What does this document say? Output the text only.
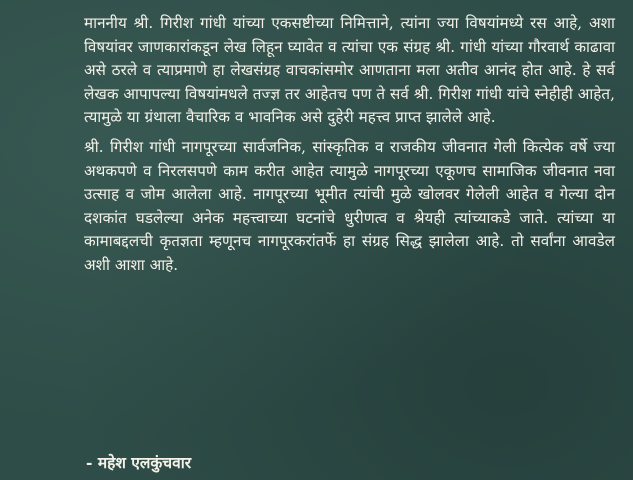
माननीय श्री. गिरीश गांधी यांच्या एकसष्टीच्या निमित्ताने, त्यांना ज्या विषयांमध्ये रस आहे, अशा विषयांवर जाणकारांकडून लेख लिहून घ्यावेत व त्यांचा एक संग्रह श्री. गांधी यांच्या गौरवार्थ काढावा असे ठरले व त्याप्रमाणे हा लेखसंग्रह वाचकांसमोर आणताना मला अतीव आनंद होत आहे. हे सर्व लेखक आपापल्या विषयांमधले तज्ज्ञ तर आहेतच पण ते सर्व श्री. गिरीश गांधी यांचे स्नेहीही आहेत, त्यामुळे या ग्रंथाला वैचारिक व भावनिक असे दुहेरी महत्त्व प्राप्त झालेले आहे.

श्री. गिरीश गांधी नागपूरच्या सार्वजनिक, सांस्कृतिक व राजकीय जीवनात गेली कित्येक वर्षे ज्या अथकपणे व निरलसपणे काम करीत आहेत त्यामुळे नागपूरच्या एकूणच सामाजिक जीवनात नवा उत्साह व जोम आलेला आहे. नागपूरच्या भूमीत त्यांची मुळे खोलवर गेलेली आहेत व गेल्या दोन दशकांत घडलेल्या अनेक महत्त्वाच्या घटनांचे धुरीणत्व व श्रेयही त्यांच्याकडे जाते. त्यांच्या या कामाबद्दलची कृतज्ञता म्हणूनच नागपूरकरांतर्फे हा संग्रह सिद्ध झालेला आहे. तो सर्वांना आवडेल अशी आशा आहे.

- महेश एलकुंचवार
